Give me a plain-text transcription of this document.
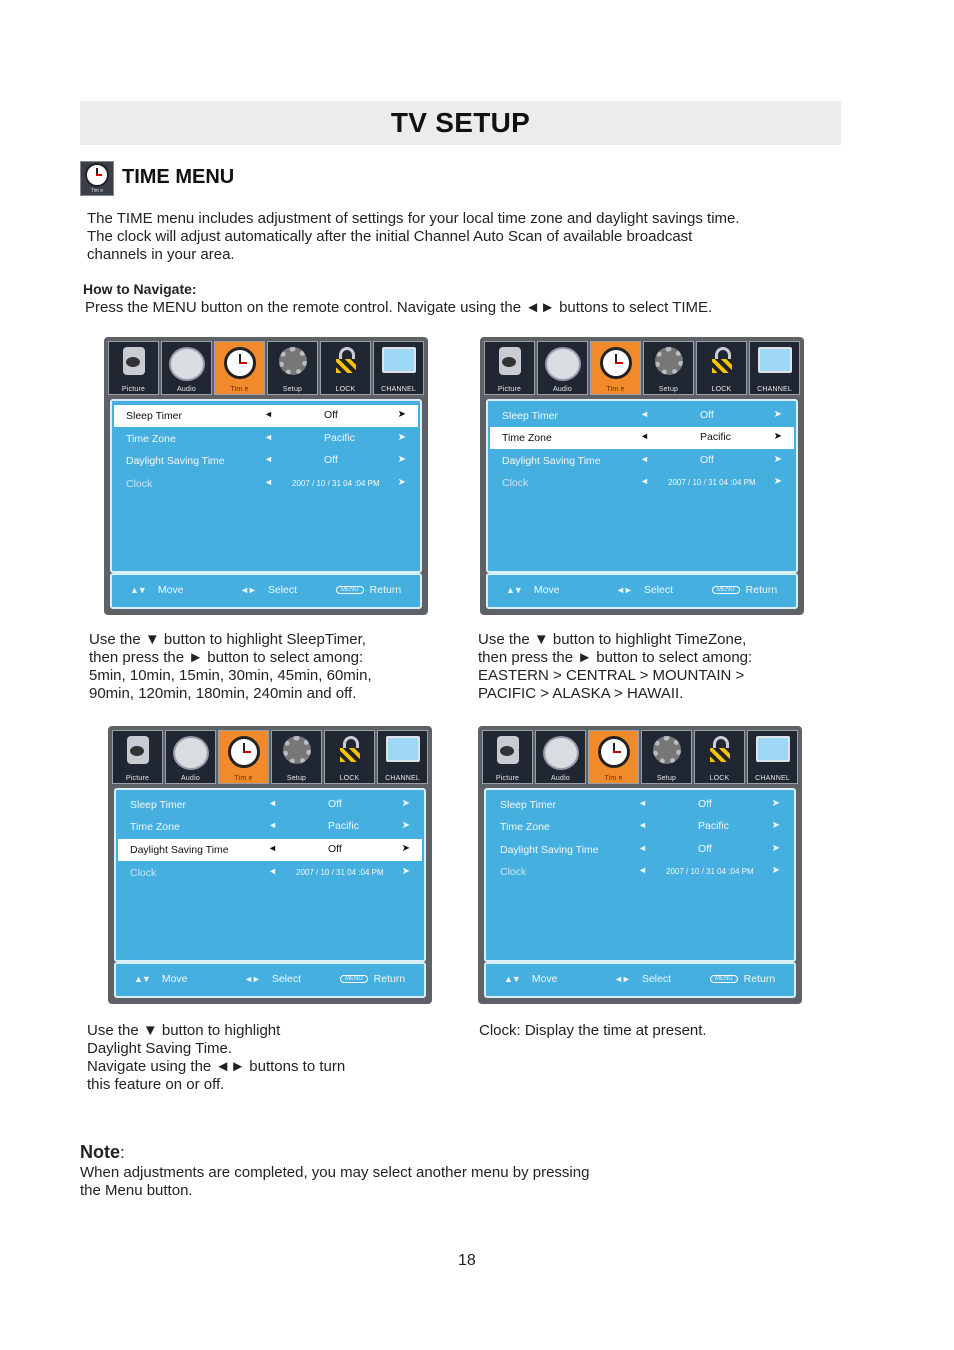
TV SETUP
Tim e
TIME MENU
The TIME menu includes adjustment of settings for your local time zone and daylight savings time.
The clock will adjust automatically after the initial Channel Auto Scan of available broadcast
channels in your area.
How to Navigate:
Press the MENU button on the remote control. Navigate using the ◄► buttons to select TIME.
Picture	Audio	Tim e	Setup	LOCK	CHANNEL
Sleep Timer	◄	Off	➤
Time Zone	◄	Pacific	➤
Daylight Saving Time	◄	Off	➤
Clock	◄ 2007 / 10 / 31 04 :04 PM ➤
▲▼ Move	◄► Select	MENU Return
Picture	Audio	Tim e	Setup	LOCK	CHANNEL
Sleep Timer	◄	Off	➤
Time Zone	◄	Pacific	➤
Daylight Saving Time	◄	Off	➤
Clock	◄ 2007 / 10 / 31 04 :04 PM ➤
▲▼ Move	◄► Select	MENU Return
Use the ▼ button to highlight SleepTimer,
then press the ► button to select among:
5min, 10min, 15min, 30min, 45min, 60min,
90min, 120min, 180min, 240min and off.
Use the ▼ button to highlight TimeZone,
then press the ► button to select among:
EASTERN > CENTRAL > MOUNTAIN >
PACIFIC > ALASKA > HAWAII.
Picture	Audio	Tim e	Setup	LOCK	CHANNEL
Sleep Timer	◄	Off	➤
Time Zone	◄	Pacific	➤
Daylight Saving Time	◄	Off	➤
Clock	◄ 2007 / 10 / 31 04 :04 PM ➤
▲▼ Move	◄► Select	MENU Return
Picture	Audio	Tim e	Setup	LOCK	CHANNEL
Sleep Timer	◄	Off	➤
Time Zone	◄	Pacific	➤
Daylight Saving Time	◄	Off	➤
Clock	◄ 2007 / 10 / 31 04 :04 PM ➤
▲▼ Move	◄► Select	MENU Return
Use the ▼ button to highlight
Daylight Saving Time.
Navigate using the ◄► buttons to turn
this feature on or off.
Clock: Display the time at present.
Note:
When adjustments are completed, you may select another menu by pressing
the Menu button.
18
